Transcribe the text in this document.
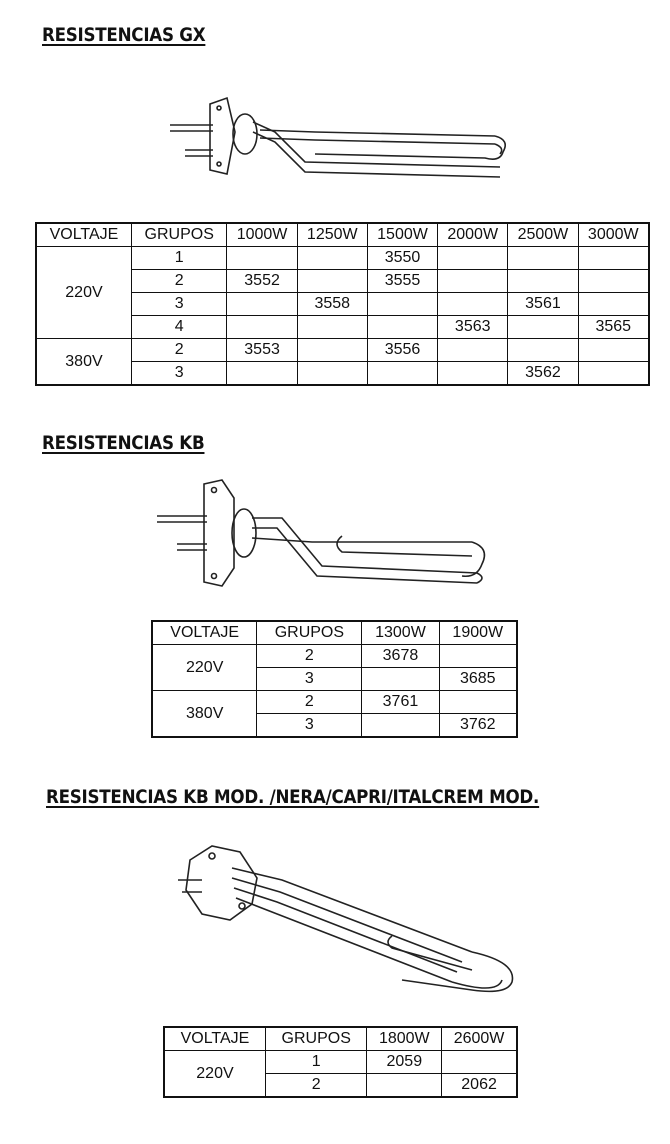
RESISTENCIAS GX
VOLTAJE	GRUPOS	1000W	1250W	1500W	2000W	2500W	3000W
220V	1			3550			
	2	3552		3555			
	3		3558			3561	
	4				3563		3565
380V	2	3553		3556			
	3					3562	
RESISTENCIAS KB
VOLTAJE	GRUPOS	1300W	1900W
220V	2	3678	
	3		3685
380V	2	3761	
	3		3762
RESISTENCIAS KB MOD. /NERA/CAPRI/ITALCREM MOD.
VOLTAJE	GRUPOS	1800W	2600W
220V	1	2059	
	2		2062
